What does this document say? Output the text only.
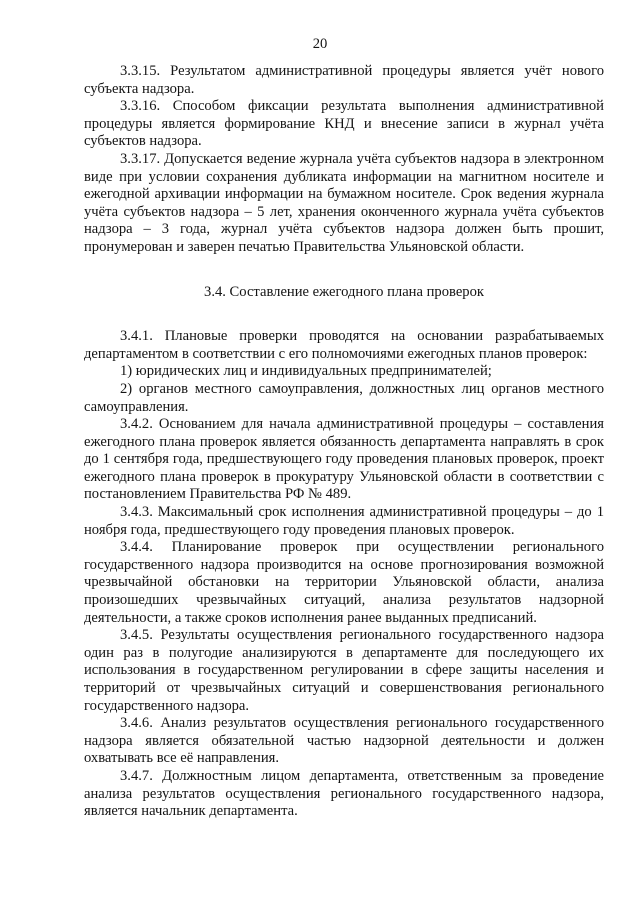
20

3.3.15. Результатом административной процедуры является учёт нового субъекта надзора.

3.3.16. Способом фиксации результата выполнения административной процедуры является формирование КНД и внесение записи в журнал учёта субъектов надзора.

3.3.17. Допускается ведение журнала учёта субъектов надзора в электронном виде при условии сохранения дубликата информации на магнитном носителе и ежегодной архивации информации на бумажном носителе. Срок ведения журнала учёта субъектов надзора – 5 лет, хранения оконченного журнала учёта субъектов надзора – 3 года, журнал учёта субъектов надзора должен быть прошит, пронумерован и заверен печатью Правительства Ульяновской области.

3.4. Составление ежегодного плана проверок

3.4.1. Плановые проверки проводятся на основании разрабатываемых департаментом в соответствии с его полномочиями ежегодных планов проверок:

1) юридических лиц и индивидуальных предпринимателей;

2) органов местного самоуправления, должностных лиц органов местного самоуправления.

3.4.2. Основанием для начала административной процедуры – составления ежегодного плана проверок является обязанность департамента направлять в срок до 1 сентября года, предшествующего году проведения плановых проверок, проект ежегодного плана проверок в прокуратуру Ульяновской области в соответствии с постановлением Правительства РФ № 489.

3.4.3. Максимальный срок исполнения административной процедуры – до 1 ноября года, предшествующего году проведения плановых проверок.

3.4.4. Планирование проверок при осуществлении регионального государственного надзора производится на основе прогнозирования возможной чрезвычайной обстановки на территории Ульяновской области, анализа произошедших чрезвычайных ситуаций, анализа результатов надзорной деятельности, а также сроков исполнения ранее выданных предписаний.

3.4.5. Результаты осуществления регионального государственного надзора один раз в полугодие анализируются в департаменте для последующего их использования в государственном регулировании в сфере защиты населения и территорий от чрезвычайных ситуаций и совершенствования регионального государственного надзора.

3.4.6. Анализ результатов осуществления регионального государственного надзора является обязательной частью надзорной деятельности и должен охватывать все её направления.

3.4.7. Должностным лицом департамента, ответственным за проведение анализа результатов осуществления регионального государственного надзора, является начальник департамента.
